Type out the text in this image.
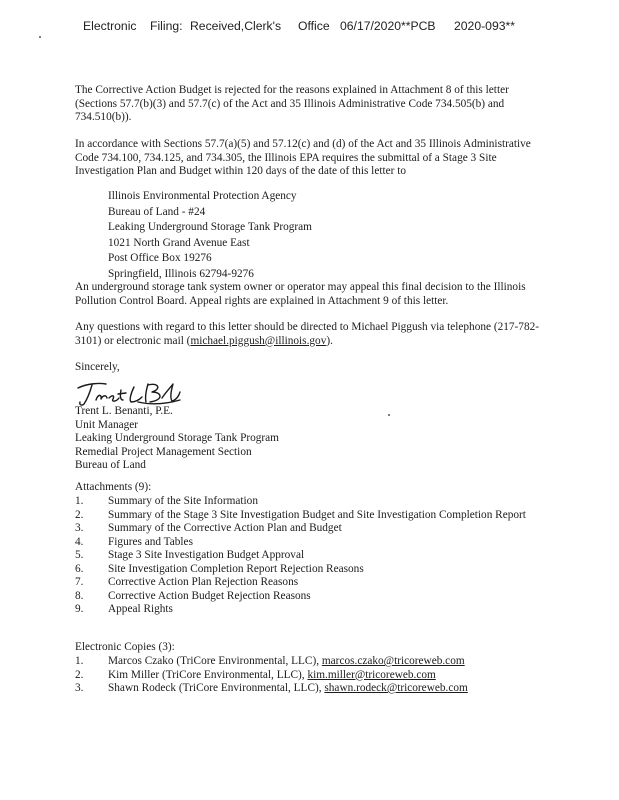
Electronic Filing: Received,Clerk's Office 06/17/2020**PCB 2020-093**
The Corrective Action Budget is rejected for the reasons explained in Attachment 8 of this letter (Sections 57.7(b)(3) and 57.7(c) of the Act and 35 Illinois Administrative Code 734.505(b) and 734.510(b)).
In accordance with Sections 57.7(a)(5) and 57.12(c) and (d) of the Act and 35 Illinois Administrative Code 734.100, 734.125, and 734.305, the Illinois EPA requires the submittal of a Stage 3 Site Investigation Plan and Budget within 120 days of the date of this letter to
Illinois Environmental Protection Agency
Bureau of Land - #24
Leaking Underground Storage Tank Program
1021 North Grand Avenue East
Post Office Box 19276
Springfield, Illinois 62794-9276
An underground storage tank system owner or operator may appeal this final decision to the Illinois Pollution Control Board. Appeal rights are explained in Attachment 9 of this letter.
Any questions with regard to this letter should be directed to Michael Piggush via telephone (217-782-3101) or electronic mail (michael.piggush@illinois.gov).
Sincerely,
Trent L. Benanti, P.E.
Unit Manager
Leaking Underground Storage Tank Program
Remedial Project Management Section
Bureau of Land
Attachments (9):
1. Summary of the Site Information
2. Summary of the Stage 3 Site Investigation Budget and Site Investigation Completion Report
3. Summary of the Corrective Action Plan and Budget
4. Figures and Tables
5. Stage 3 Site Investigation Budget Approval
6. Site Investigation Completion Report Rejection Reasons
7. Corrective Action Plan Rejection Reasons
8. Corrective Action Budget Rejection Reasons
9. Appeal Rights
Electronic Copies (3):
1. Marcos Czako (TriCore Environmental, LLC), marcos.czako@tricoreweb.com
2. Kim Miller (TriCore Environmental, LLC), kim.miller@tricoreweb.com
3. Shawn Rodeck (TriCore Environmental, LLC), shawn.rodeck@tricoreweb.com
